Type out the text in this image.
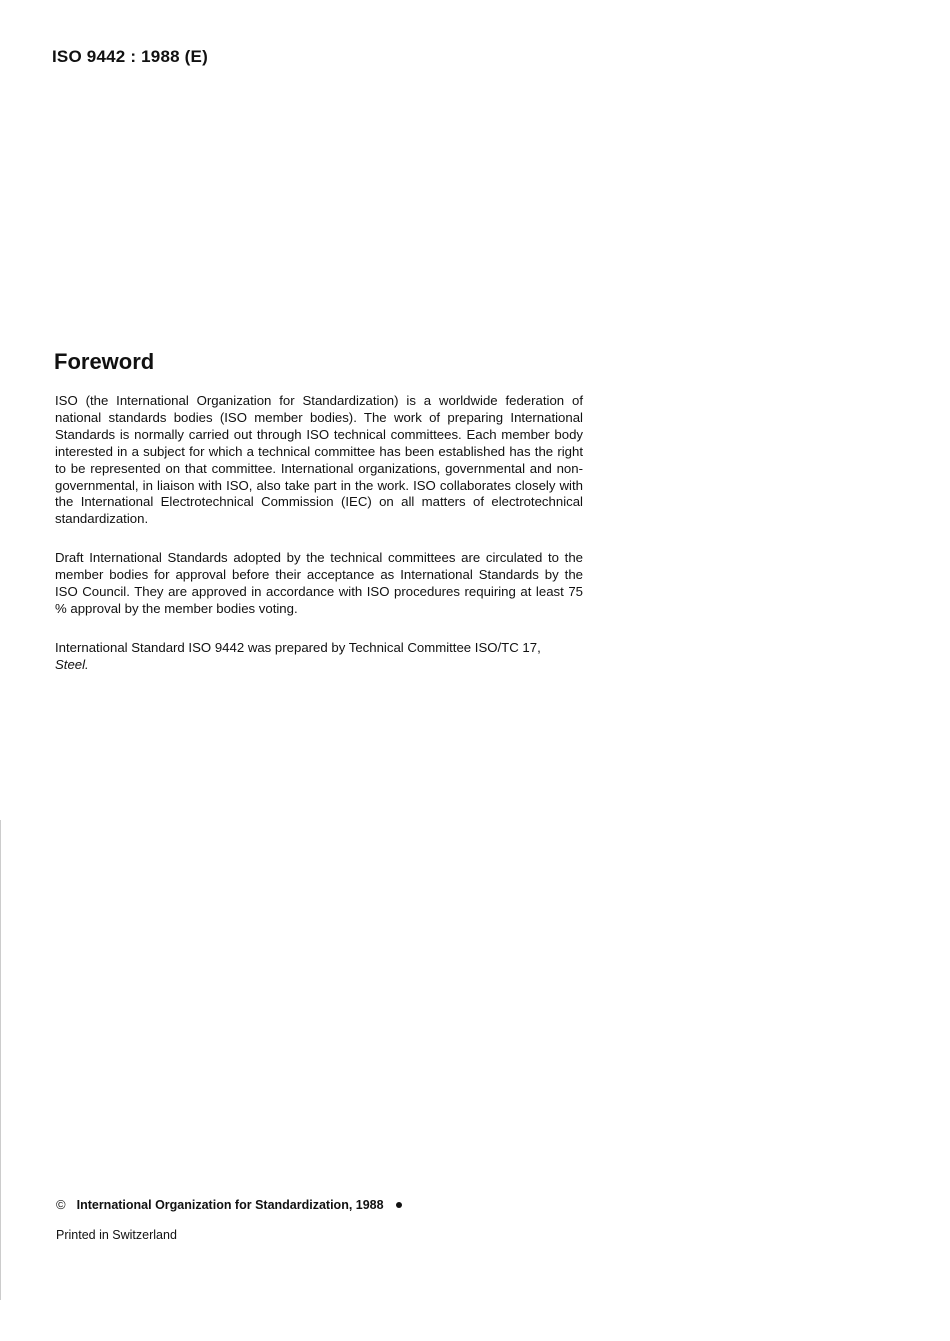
ISO 9442 : 1988 (E)
Foreword

ISO (the International Organization for Standardization) is a worldwide federation of national standards bodies (ISO member bodies). The work of preparing International Standards is normally carried out through ISO technical committees. Each member body interested in a subject for which a technical committee has been established has the right to be represented on that committee. International organizations, governmental and non-governmental, in liaison with ISO, also take part in the work. ISO collaborates closely with the International Electrotechnical Commission (IEC) on all matters of electrotechnical standardization.

Draft International Standards adopted by the technical committees are circulated to the member bodies for approval before their acceptance as International Standards by the ISO Council. They are approved in accordance with ISO procedures requiring at least 75 % approval by the member bodies voting.

International Standard ISO 9442 was prepared by Technical Committee ISO/TC 17,
Steel.

© International Organization for Standardization, 1988
Printed in Switzerland
